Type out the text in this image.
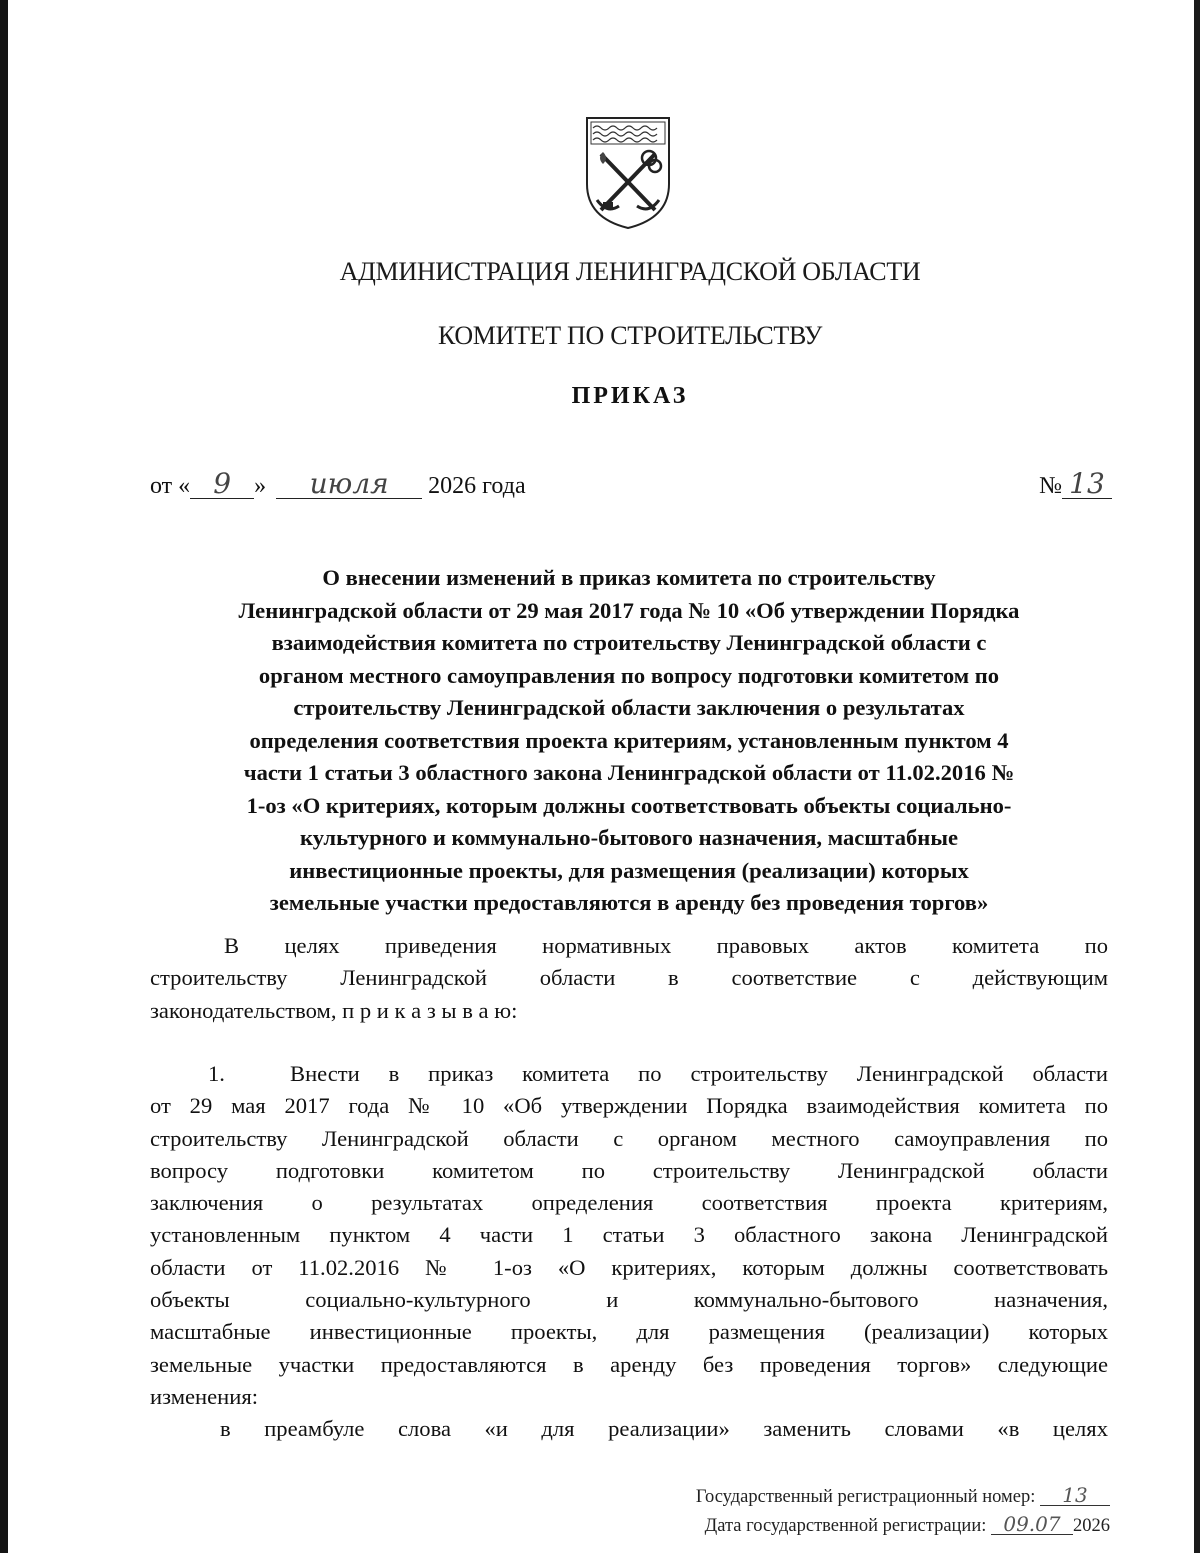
АДМИНИСТРАЦИЯ ЛЕНИНГРАДСКОЙ ОБЛАСТИ
КОМИТЕТ ПО СТРОИТЕЛЬСТВУ
ПРИКАЗ
от « 9 » июля 2026 года	№ 13
О внесении изменений в приказ комитета по строительству
Ленинградской области от 29 мая 2017 года № 10 «Об утверждении Порядка
взаимодействия комитета по строительству Ленинградской области с
органом местного самоуправления по вопросу подготовки комитетом по
строительству Ленинградской области заключения о результатах
определения соответствия проекта критериям, установленным пунктом 4
части 1 статьи 3 областного закона Ленинградской области от 11.02.2016 №
1-оз «О критериях, которым должны соответствовать объекты социально-
культурного и коммунально-бытового назначения, масштабные
инвестиционные проекты, для размещения (реализации) которых
земельные участки предоставляются в аренду без проведения торгов»
В целях приведения нормативных правовых актов комитета по
строительству Ленинградской области в соответствие с действующим
законодательством, п р и к а з ы в а ю:
1.	Внести в приказ комитета по строительству Ленинградской области
от 29 мая 2017 года № 10 «Об утверждении Порядка взаимодействия комитета по
строительству Ленинградской области с органом местного самоуправления по
вопросу подготовки комитетом по строительству Ленинградской области
заключения о результатах определения соответствия проекта критериям,
установленным пунктом 4 части 1 статьи 3 областного закона Ленинградской
области от 11.02.2016 № 1-оз «О критериях, которым должны соответствовать
объекты социально-культурного и коммунально-бытового назначения,
масштабные инвестиционные проекты, для размещения (реализации) которых
земельные участки предоставляются в аренду без проведения торгов» следующие
изменения:
в преамбуле слова «и для реализации» заменить словами «в целях
Государственный регистрационный номер: 13
Дата государственной регистрации: 09.07 2026
